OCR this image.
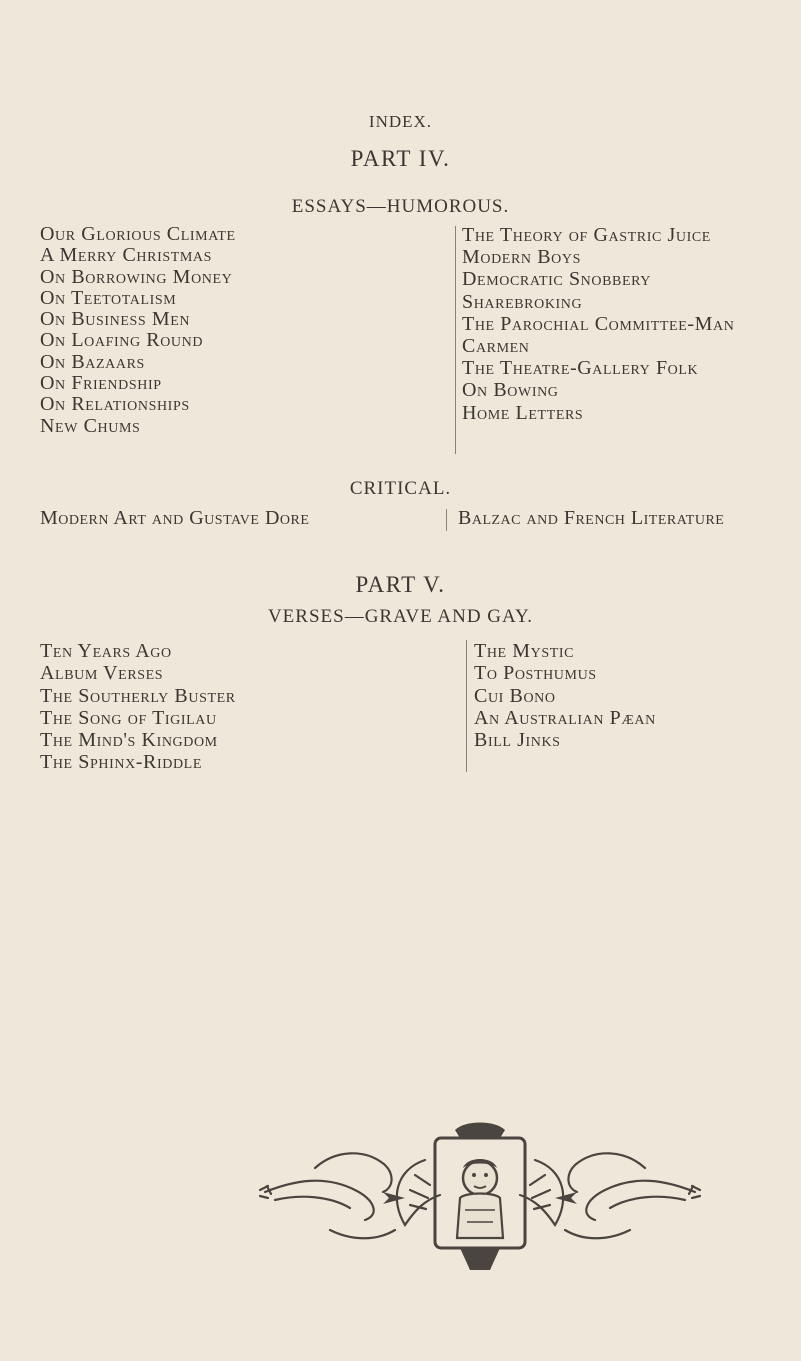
INDEX.
PART IV.
ESSAYS—HUMOROUS.
Our Glorious Climate
A Merry Christmas
On Borrowing Money
On Teetotalism
On Business Men
On Loafing Round
On Bazaars
On Friendship
On Relationships
New Chums
The Theory of Gastric Juice
Modern Boys
Democratic Snobbery
Sharebroking
The Parochial Committee-Man
Carmen
The Theatre-Gallery Folk
On Bowing
Home Letters
CRITICAL.
Modern Art and Gustave Dore	Balzac and French Literature
PART V.
VERSES—GRAVE AND GAY.
Ten Years Ago
Album Verses
The Southerly Buster
The Song of Tigilau
The Mind's Kingdom
The Sphinx-Riddle
The Mystic
To Posthumus
Cui Bono
An Australian Pæan
Bill Jinks
